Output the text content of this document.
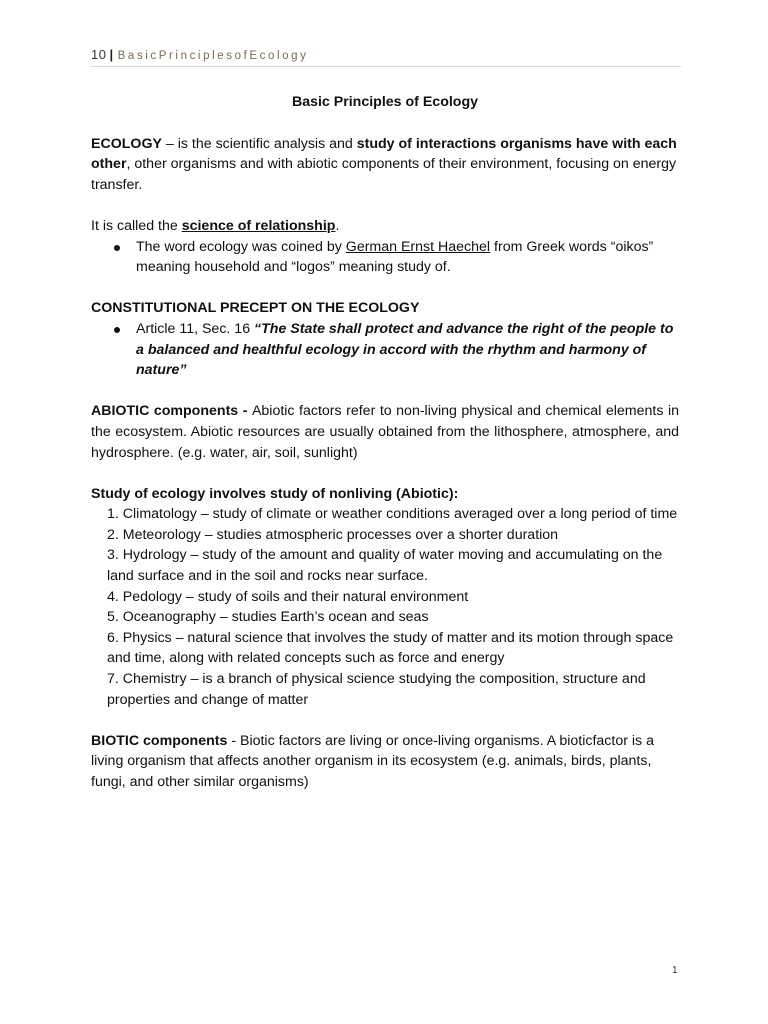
10 | BasicPrinciplesofEcology

Basic Principles of Ecology

ECOLOGY – is the scientific analysis and study of interactions organisms have with each other, other organisms and with abiotic components of their environment, focusing on energy transfer.

It is called the science of relationship.

The word ecology was coined by German Ernst Haechel from Greek words “oikos” meaning household and “logos” meaning study of.

CONSTITUTIONAL PRECEPT ON THE ECOLOGY

Article 11, Sec. 16 “The State shall protect and advance the right of the people to a balanced and healthful ecology in accord with the rhythm and harmony of nature”

ABIOTIC components - Abiotic factors refer to non-living physical and chemical elements in the ecosystem. Abiotic resources are usually obtained from the lithosphere, atmosphere, and hydrosphere. (e.g. water, air, soil, sunlight)

Study of ecology involves study of nonliving (Abiotic):

1. Climatology – study of climate or weather conditions averaged over a long period of time
2. Meteorology – studies atmospheric processes over a shorter duration
3. Hydrology – study of the amount and quality of water moving and accumulating on the land surface and in the soil and rocks near surface.
4. Pedology – study of soils and their natural environment
5. Oceanography – studies Earth’s ocean and seas
6. Physics – natural science that involves the study of matter and its motion through space and time, along with related concepts such as force and energy
7. Chemistry – is a branch of physical science studying the composition, structure and properties and change of matter

BIOTIC components - Biotic factors are living or once-living organisms. A bioticfactor is a living organism that affects another organism in its ecosystem (e.g. animals, birds, plants, fungi, and other similar organisms)

1
